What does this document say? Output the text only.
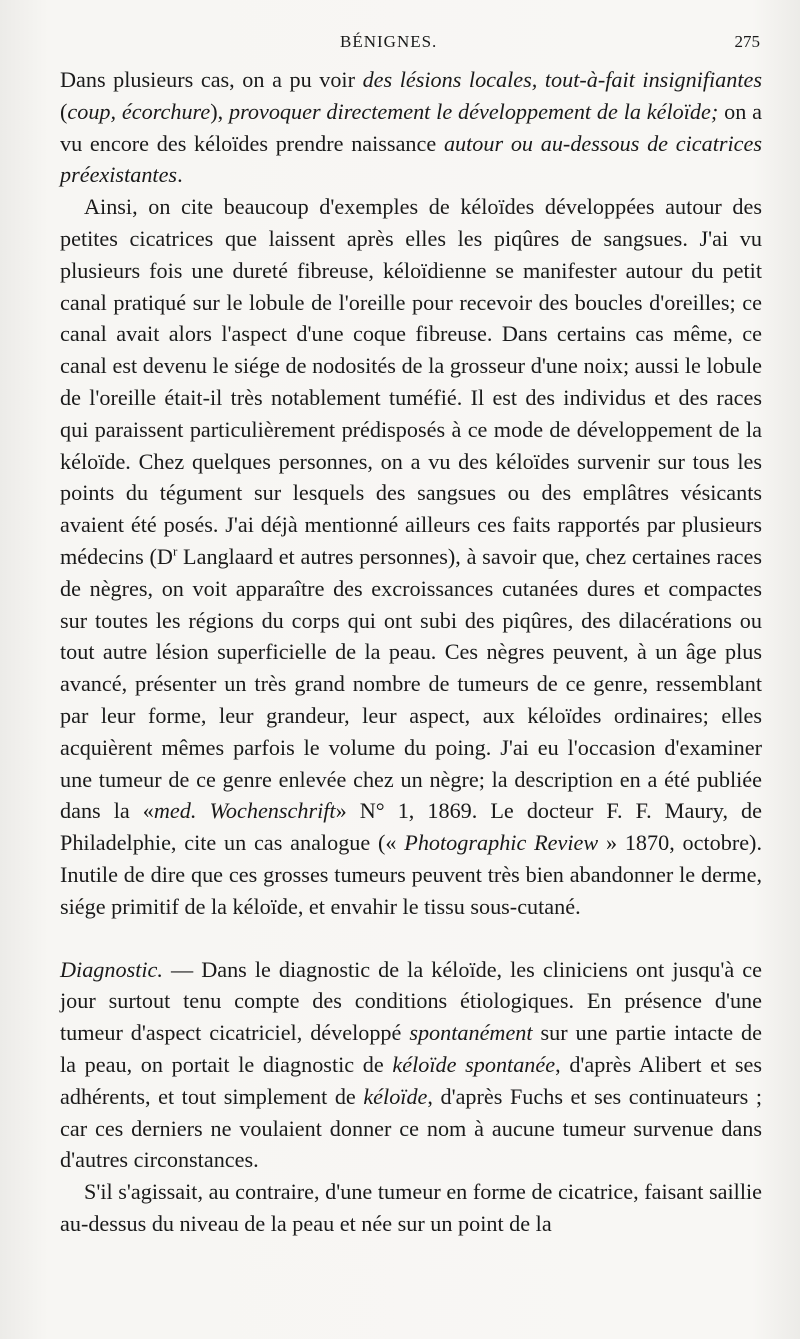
BÉNIGNES.	275

Dans plusieurs cas, on a pu voir des lésions locales, tout-à-fait insignifiantes (coup, écorchure), provoquer directement le développement de la kéloïde; on a vu encore des kéloïdes prendre naissance autour ou au-dessous de cicatrices préexistantes.

Ainsi, on cite beaucoup d'exemples de kéloïdes développées autour des petites cicatrices que laissent après elles les piqûres de sangsues. J'ai vu plusieurs fois une dureté fibreuse, kéloïdienne se manifester autour du petit canal pratiqué sur le lobule de l'oreille pour recevoir des boucles d'oreilles; ce canal avait alors l'aspect d'une coque fibreuse. Dans certains cas même, ce canal est devenu le siége de nodosités de la grosseur d'une noix; aussi le lobule de l'oreille était-il très notablement tuméfié. Il est des individus et des races qui paraissent particulièrement prédisposés à ce mode de développement de la kéloïde. Chez quelques personnes, on a vu des kéloïdes survenir sur tous les points du tégument sur lesquels des sangsues ou des emplâtres vésicants avaient été posés. J'ai déjà mentionné ailleurs ces faits rapportés par plusieurs médecins ($D^r$ Langlaard et autres personnes), à savoir que, chez certaines races de nègres, on voit apparaître des excroissances cutanées dures et compactes sur toutes les régions du corps qui ont subi des piqûres, des dilacérations ou tout autre lésion superficielle de la peau. Ces nègres peuvent, à un âge plus avancé, présenter un très grand nombre de tumeurs de ce genre, ressemblant par leur forme, leur grandeur, leur aspect, aux kéloïdes ordinaires; elles acquièrent mêmes parfois le volume du poing. J'ai eu l'occasion d'examiner une tumeur de ce genre enlevée chez un nègre; la description en a été publiée dans la «med. Wochenschrift» N° 1, 1869. Le docteur F. F. Maury, de Philadelphie, cite un cas analogue (« Photographic Review » 1870, octobre). Inutile de dire que ces grosses tumeurs peuvent très bien abandonner le derme, siége primitif de la kéloïde, et envahir le tissu sous-cutané.

Diagnostic. — Dans le diagnostic de la kéloïde, les cliniciens ont jusqu'à ce jour surtout tenu compte des conditions étiologiques. En présence d'une tumeur d'aspect cicatriciel, développé spontanément sur une partie intacte de la peau, on portait le diagnostic de kéloïde spontanée, d'après Alibert et ses adhérents, et tout simplement de kéloïde, d'après Fuchs et ses continuateurs ; car ces derniers ne voulaient donner ce nom à aucune tumeur survenue dans d'autres circonstances.

S'il s'agissait, au contraire, d'une tumeur en forme de cicatrice, faisant saillie au-dessus du niveau de la peau et née sur un point de la
